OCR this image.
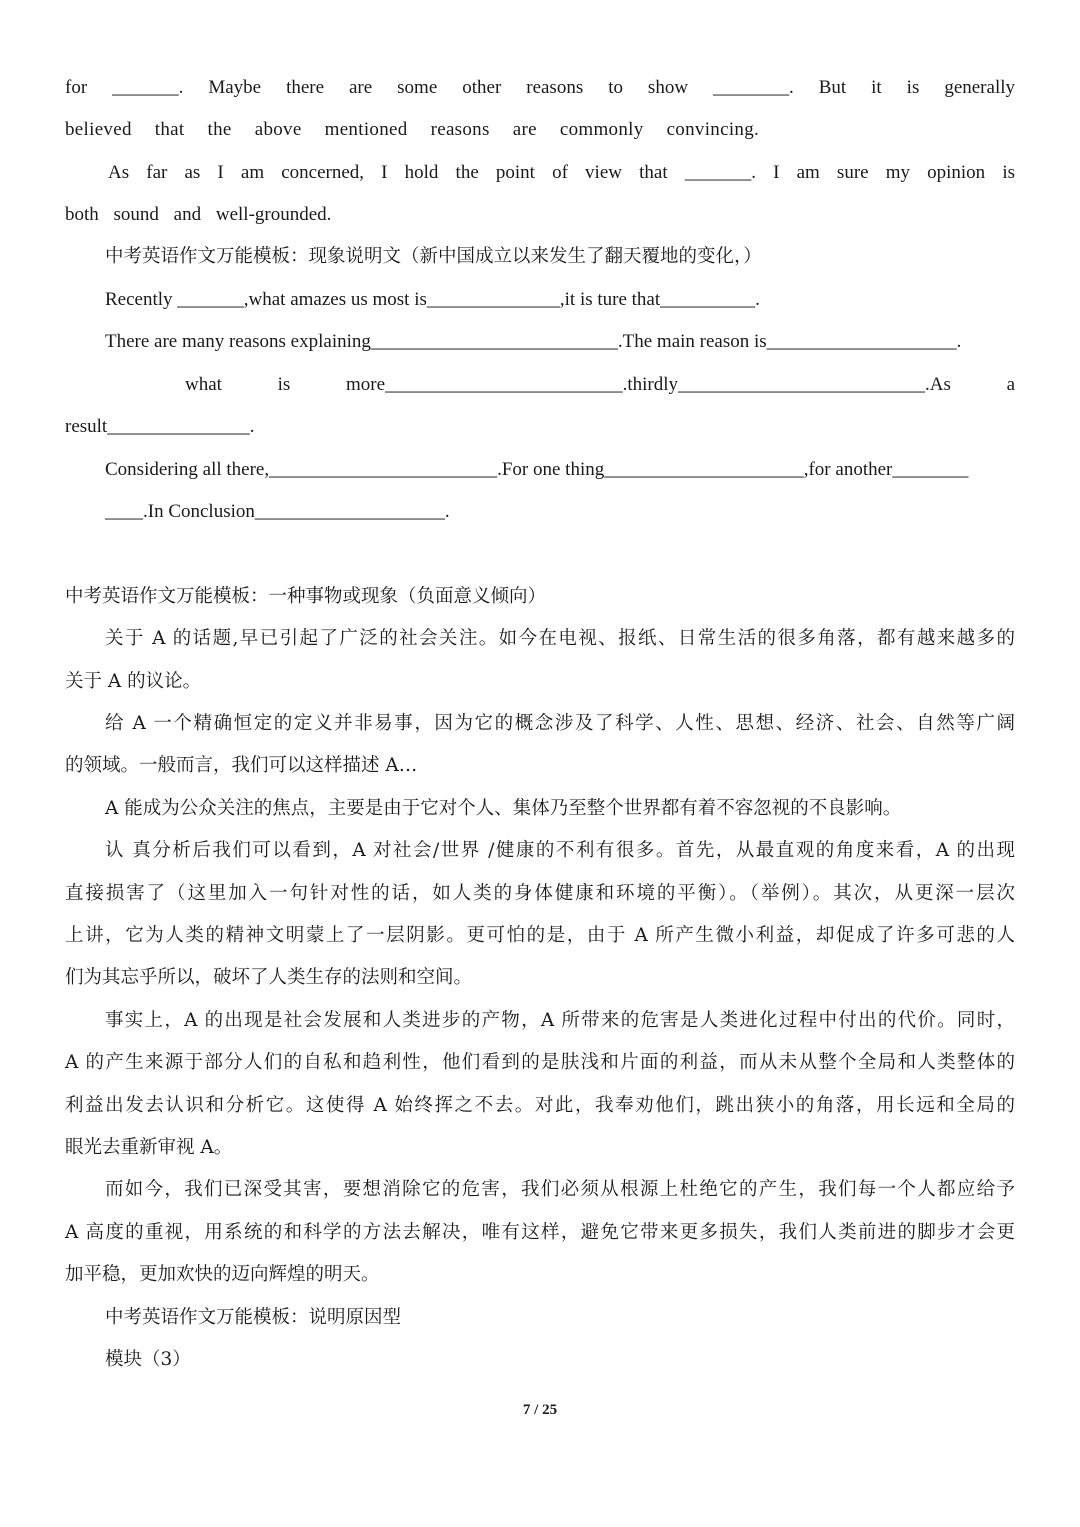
for _______. Maybe there are some other reasons to show ________. But it is generally
believed that the above mentioned reasons are commonly convincing.
As far as I am concerned, I hold the point of view that _______. I am sure my opinion is
both sound and well-grounded.
中考英语作文万能模板：现象说明文（新中国成立以来发生了翻天覆地的变化，）
Recently _______,what amazes us most is______________,it is ture that__________.
There are many reasons explaining__________________________.The main reason is____________________.
what is more_________________________.thirdly__________________________.As a
result_______________.
Considering all there,________________________.For one thing_____________________,for another________
____.In Conclusion____________________.
中考英语作文万能模板：一种事物或现象（负面意义倾向）
关于 A 的话题,早已引起了广泛的社会关注。如今在电视、报纸、日常生活的很多角落，都有越来越多的
关于 A 的议论。
给 A 一个精确恒定的定义并非易事，因为它的概念涉及了科学、人性、思想、经济、社会、自然等广阔
的领域。一般而言，我们可以这样描述 A…
A 能成为公众关注的焦点，主要是由于它对个人、集体乃至整个世界都有着不容忽视的不良影响。
认 真分析后我们可以看到，A 对社会/世界 /健康的不利有很多。首先，从最直观的角度来看，A 的出现
直接损害了（这里加入一句针对性的话，如人类的身体健康和环境的平衡）。（举例）。其次，从更深一层次
上讲，它为人类的精神文明蒙上了一层阴影。更可怕的是，由于 A 所产生微小利益，却促成了许多可悲的人
们为其忘乎所以，破坏了人类生存的法则和空间。
事实上，A 的出现是社会发展和人类进步的产物，A 所带来的危害是人类进化过程中付出的代价。同时，
A 的产生来源于部分人们的自私和趋利性，他们看到的是肤浅和片面的利益，而从未从整个全局和人类整体的
利益出发去认识和分析它。这使得 A 始终挥之不去。对此，我奉劝他们，跳出狭小的角落，用长远和全局的
眼光去重新审视 A。
而如今，我们已深受其害，要想消除它的危害，我们必须从根源上杜绝它的产生，我们每一个人都应给予
A 高度的重视，用系统的和科学的方法去解决，唯有这样，避免它带来更多损失，我们人类前进的脚步才会更
加平稳，更加欢快的迈向辉煌的明天。
中考英语作文万能模板：说明原因型
模块（3）
7 / 25
